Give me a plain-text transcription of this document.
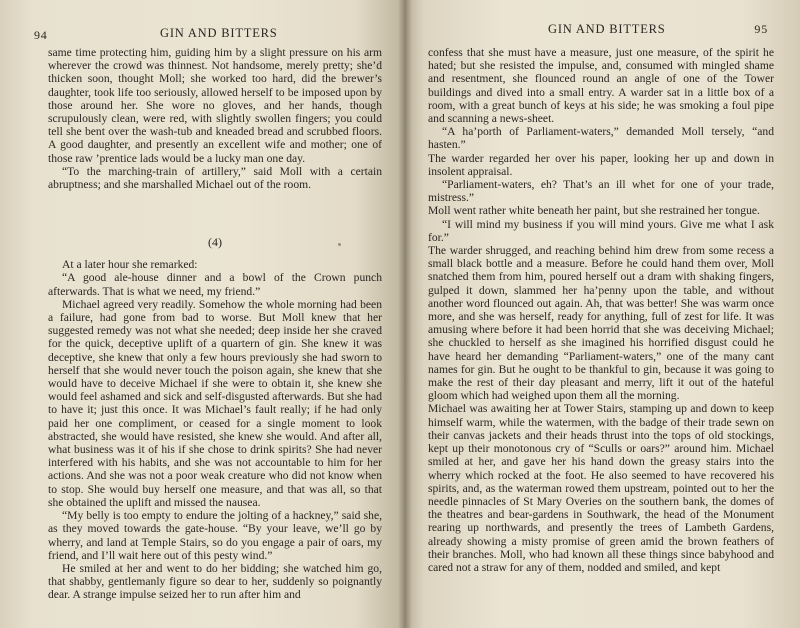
94	GIN AND BITTERS

same time protecting him, guiding him by a slight pressure on his arm wherever the crowd was thinnest. Not handsome, merely pretty; she’d thicken soon, thought Moll; she worked too hard, did the brewer’s daughter, took life too seriously, allowed herself to be imposed upon by those around her. She wore no gloves, and her hands, though scrupulously clean, were red, with slightly swollen fingers; you could tell she bent over the wash-tub and kneaded bread and scrubbed floors. A good daughter, and presently an excellent wife and mother; one of those raw ’prentice lads would be a lucky man one day.

“To the marching-train of artillery,” said Moll with a certain abruptness; and she marshalled Michael out of the room.

(4)

At a later hour she remarked:

“A good ale-house dinner and a bowl of the Crown punch afterwards. That is what we need, my friend.”

Michael agreed very readily. Somehow the whole morning had been a failure, had gone from bad to worse. But Moll knew that her suggested remedy was not what she needed; deep inside her she craved for the quick, deceptive uplift of a quartern of gin. She knew it was deceptive, she knew that only a few hours previously she had sworn to herself that she would never touch the poison again, she knew that she would have to deceive Michael if she were to obtain it, she knew she would feel ashamed and sick and self-disgusted afterwards. But she had to have it; just this once. It was Michael’s fault really; if he had only paid her one compliment, or ceased for a single moment to look abstracted, she would have resisted, she knew she would. And after all, what business was it of his if she chose to drink spirits? She had never interfered with his habits, and she was not accountable to him for her actions. And she was not a poor weak creature who did not know when to stop. She would buy herself one measure, and that was all, so that she obtained the uplift and missed the nausea.

“My belly is too empty to endure the jolting of a hackney,” said she, as they moved towards the gate-house. “By your leave, we’ll go by wherry, and land at Temple Stairs, so do you engage a pair of oars, my friend, and I’ll wait here out of this pesty wind.”

He smiled at her and went to do her bidding; she watched him go, that shabby, gentlemanly figure so dear to her, suddenly so poignantly dear. A strange impulse seized her to run after him and

GIN AND BITTERS	95

confess that she must have a measure, just one measure, of the spirit he hated; but she resisted the impulse, and, consumed with mingled shame and resentment, she flounced round an angle of one of the Tower buildings and dived into a small entry. A warder sat in a little box of a room, with a great bunch of keys at his side; he was smoking a foul pipe and scanning a news-sheet.

“A ha’porth of Parliament-waters,” demanded Moll tersely, “and hasten.”

The warder regarded her over his paper, looking her up and down in insolent appraisal.

“Parliament-waters, eh? That’s an ill whet for one of your trade, mistress.”

Moll went rather white beneath her paint, but she restrained her tongue.

“I will mind my business if you will mind yours. Give me what I ask for.”

The warder shrugged, and reaching behind him drew from some recess a small black bottle and a measure. Before he could hand them over, Moll snatched them from him, poured herself out a dram with shaking fingers, gulped it down, slammed her ha’penny upon the table, and without another word flounced out again. Ah, that was better! She was warm once more, and she was herself, ready for anything, full of zest for life. It was amusing where before it had been horrid that she was deceiving Michael; she chuckled to herself as she imagined his horrified disgust could he have heard her demanding “Parliament-waters,” one of the many cant names for gin. But he ought to be thankful to gin, because it was going to make the rest of their day pleasant and merry, lift it out of the hateful gloom which had weighed upon them all the morning.

Michael was awaiting her at Tower Stairs, stamping up and down to keep himself warm, while the watermen, with the badge of their trade sewn on their canvas jackets and their heads thrust into the tops of old stockings, kept up their monotonous cry of “Sculls or oars?” around him. Michael smiled at her, and gave her his hand down the greasy stairs into the wherry which rocked at the foot. He also seemed to have recovered his spirits, and, as the waterman rowed them upstream, pointed out to her the needle pinnacles of St Mary Overies on the southern bank, the domes of the theatres and bear-gardens in Southwark, the head of the Monument rearing up northwards, and presently the trees of Lambeth Gardens, already showing a misty promise of green amid the brown feathers of their branches. Moll, who had known all these things since babyhood and cared not a straw for any of them, nodded and smiled, and kept
